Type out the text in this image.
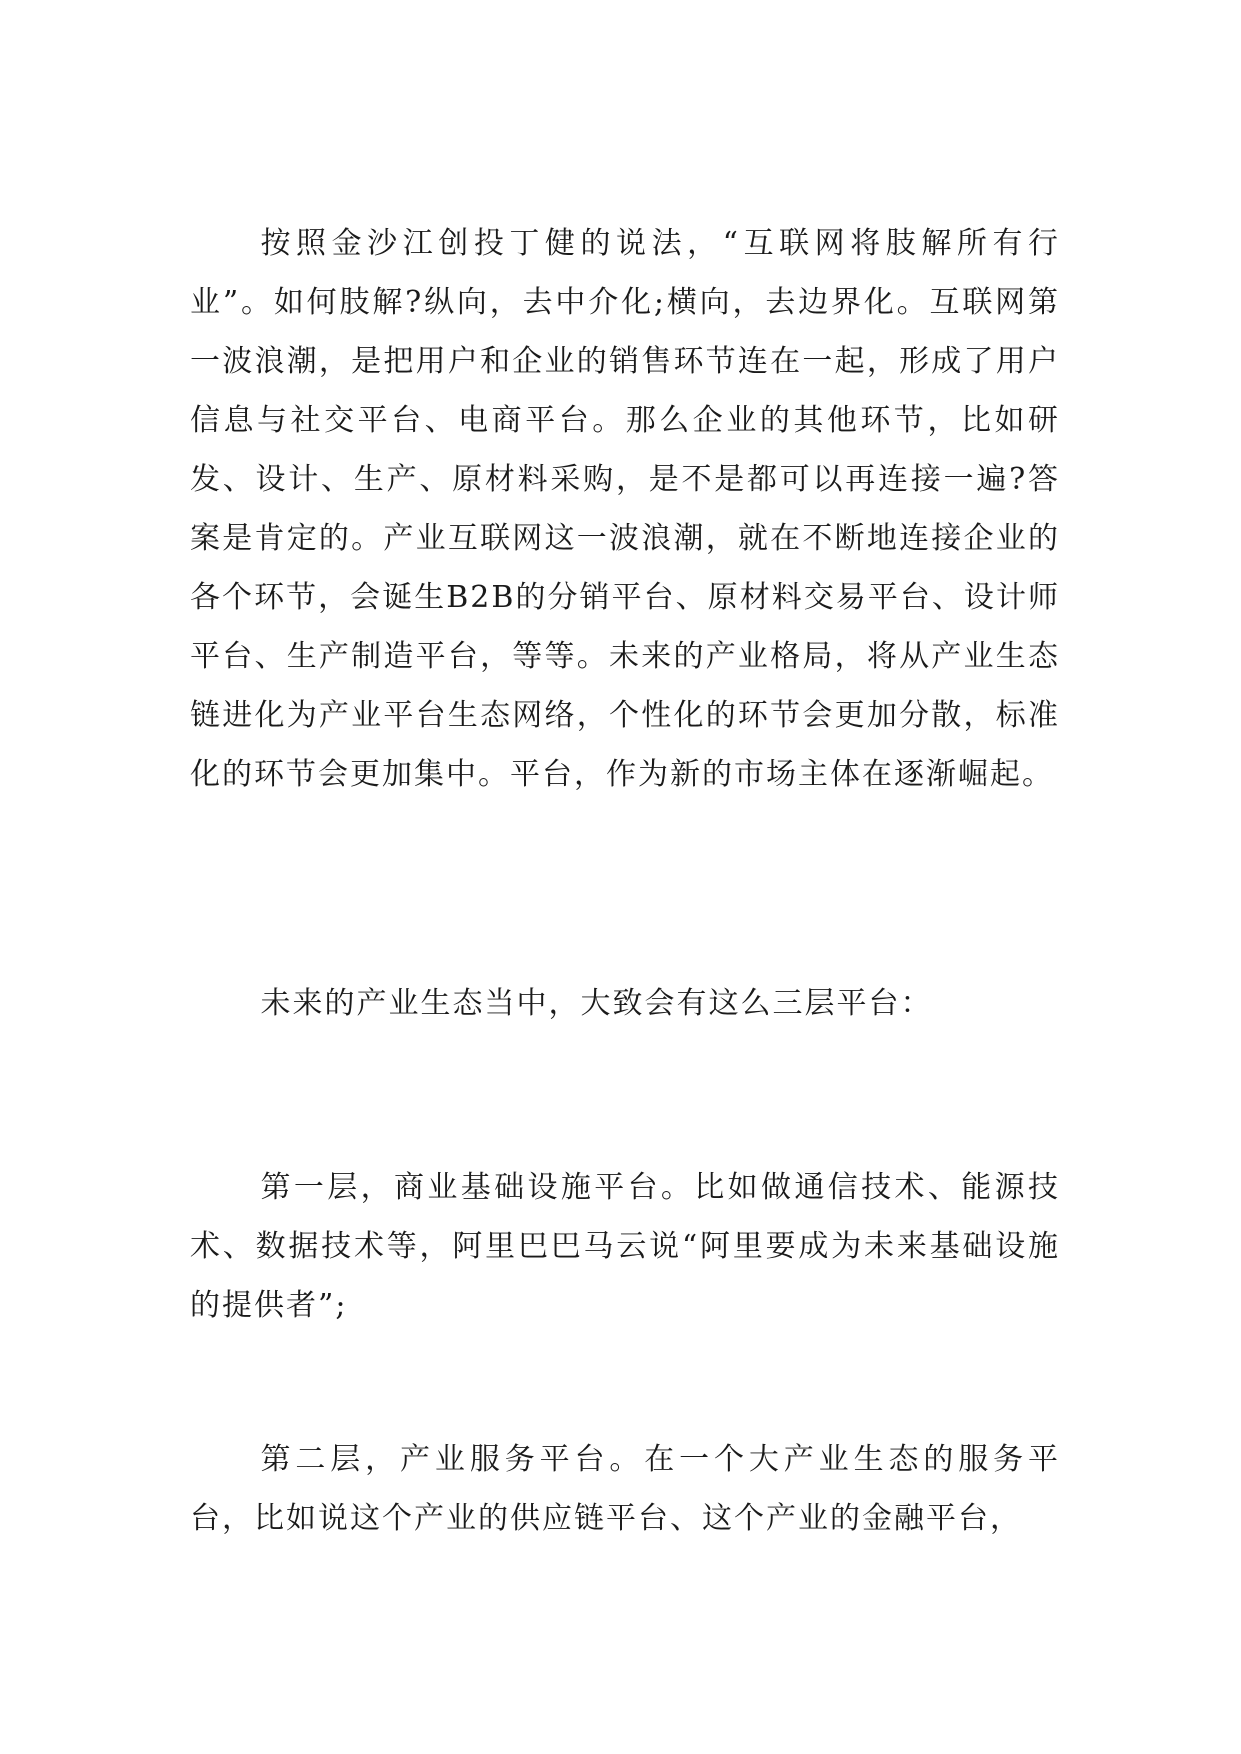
按照金沙江创投丁健的说法，“互联网将肢解所有行业”。如何肢解?纵向，去中介化;横向，去边界化。互联网第一波浪潮，是把用户和企业的销售环节连在一起，形成了用户信息与社交平台、电商平台。那么企业的其他环节，比如研发、设计、生产、原材料采购，是不是都可以再连接一遍?答案是肯定的。产业互联网这一波浪潮，就在不断地连接企业的各个环节，会诞生B2B的分销平台、原材料交易平台、设计师平台、生产制造平台，等等。未来的产业格局，将从产业生态链进化为产业平台生态网络，个性化的环节会更加分散，标准化的环节会更加集中。平台，作为新的市场主体在逐渐崛起。

未来的产业生态当中，大致会有这么三层平台：

第一层，商业基础设施平台。比如做通信技术、能源技术、数据技术等，阿里巴巴马云说“阿里要成为未来基础设施的提供者”;

第二层，产业服务平台。在一个大产业生态的服务平台，比如说这个产业的供应链平台、这个产业的金融平台，
